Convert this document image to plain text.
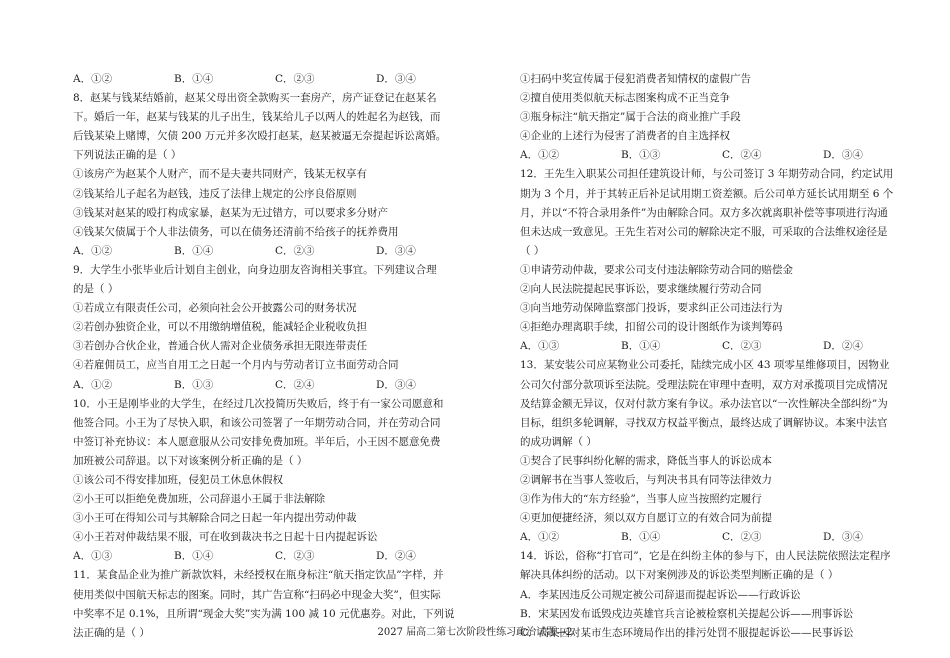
A．①②	B．①④	C．②③	D．③④
8．赵某与钱某结婚前，赵某父母出资全款购买一套房产，房产证登记在赵某名
下。婚后一年，赵某与钱某的儿子出生，钱某给儿子以两人的姓起名为赵钱，而
后钱某染上赌博，欠债 200 万元并多次殴打赵某，赵某被逼无奈提起诉讼离婚。
下列说法正确的是（ ）
①该房产为赵某个人财产，而不是夫妻共同财产，钱某无权享有
②钱某给儿子起名为赵钱，违反了法律上规定的公序良俗原则
③钱某对赵某的殴打构成家暴，赵某为无过错方，可以要求多分财产
④钱某欠债属于个人非法债务，可以在债务还清前不给孩子的抚养费用
A．①②	B．①④	C．②③	D．③④
9．大学生小张毕业后计划自主创业，向身边朋友咨询相关事宜。下列建议合理
的是（ ）
①若成立有限责任公司，必须向社会公开披露公司的财务状况
②若创办独资企业，可以不用缴纳增值税，能减轻企业税收负担
③若创办合伙企业，普通合伙人需对企业债务承担无限连带责任
④若雇佣员工，应当自用工之日起一个月内与劳动者订立书面劳动合同
A．①②	B．①③	C．②④	D．③④
10．小王是刚毕业的大学生，在经过几次投简历失败后，终于有一家公司愿意和
他签合同。小王为了尽快入职，和该公司签署了一年期劳动合同，并在劳动合同
中签订补充协议：本人愿意服从公司安排免费加班。半年后，小王因不愿意免费
加班被公司辞退。以下对该案例分析正确的是（ ）
①该公司不得安排加班，侵犯员工休息休假权
②小王可以拒绝免费加班，公司辞退小王属于非法解除
③小王可在得知公司与其解除合同之日起一年内提出劳动仲裁
④小王若对仲裁结果不服，可在收到裁决书之日起十日内提起诉讼
A．①③	B．①④	C．②③	D．②④
11．某食品企业为推广新款饮料，未经授权在瓶身标注“航天指定饮品”字样，并
使用类似中国航天标志的图案。同时，其广告宣称“扫码必中现金大奖”，但实际
中奖率不足 0.1%，且所谓“现金大奖”实为满 100 减 10 元优惠券。对此，下列说
法正确的是（ ）
①扫码中奖宣传属于侵犯消费者知情权的虚假广告
②擅自使用类似航天标志图案构成不正当竞争
③瓶身标注“航天指定”属于合法的商业推广手段
④企业的上述行为侵害了消费者的自主选择权
A．①②	B．①③	C．②④	D．③④
12．王先生入职某公司担任建筑设计师，与公司签订 3 年期劳动合同，约定试用
期为 3 个月，并于其转正后补足试用期工资差额。后公司单方延长试用期至 6 个
月，并以“不符合录用条件”为由解除合同。双方多次就离职补偿等事项进行沟通
但未达成一致意见。王先生若对公司的解除决定不服，可采取的合法维权途径是
（ ）
①申请劳动仲裁，要求公司支付违法解除劳动合同的赔偿金
②向人民法院提起民事诉讼，要求继续履行劳动合同
③向当地劳动保障监察部门投诉，要求纠正公司违法行为
④拒绝办理离职手续，扣留公司的设计图纸作为谈判筹码
A．①③	B．①④	C．②③	D．②④
13．某安装公司应某物业公司委托，陆续完成小区 43 项零星维修项目，因物业
公司欠付部分款项诉至法院。受理法院在审理中查明，双方对承揽项目完成情况
及结算金额无异议，仅对付款方案有争议。承办法官以“一次性解决全部纠纷”为
目标，组织多轮调解，寻找双方权益平衡点，最终达成了调解协议。本案中法官
的成功调解（ ）
①契合了民事纠纷化解的需求，降低当事人的诉讼成本
②调解书在当事人签收后，与判决书具有同等法律效力
③作为伟大的“东方经验”，当事人应当按照约定履行
④更加便捷经济，须以双方自愿订立的有效合同为前提
A．①②	B．①④	C．②③	D．③④
14．诉讼，俗称“打官司”，它是在纠纷主体的参与下，由人民法院依照法定程序
解决具体纠纷的活动。以下对案例涉及的诉讼类型判断正确的是（ ）
A．李某因违反公司规定被公司辞退而提起诉讼——行政诉讼
B．宋某因发布诋毁戍边英雄官兵言论被检察机关提起公诉——刑事诉讼
C．高某因对某市生态环境局作出的排污处罚不服提起诉讼——民事诉讼
2027 届高二第七次阶段性练习政治试题—2
